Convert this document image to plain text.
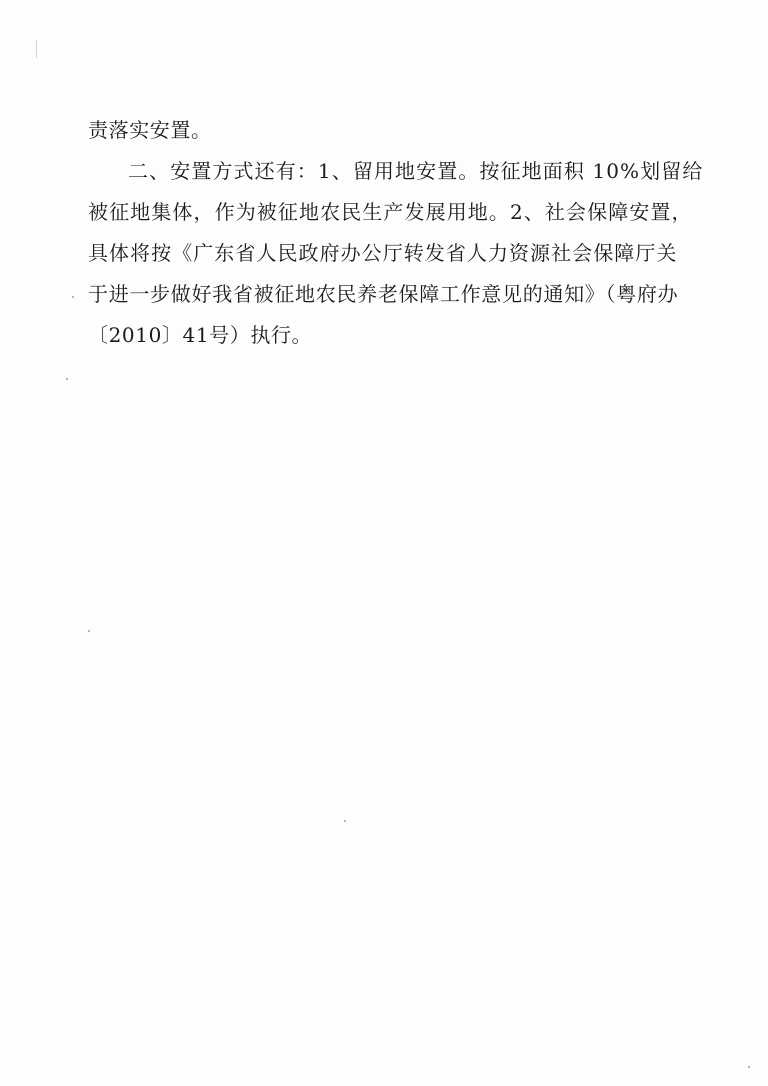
责落实安置。
二、安置方式还有：1、留用地安置。按征地面积 10%划留给
被征地集体，作为被征地农民生产发展用地。2、社会保障安置，
具体将按《广东省人民政府办公厅转发省人力资源社会保障厅关
于进一步做好我省被征地农民养老保障工作意见的通知》（粤府办
〔2010〕41号）执行。
